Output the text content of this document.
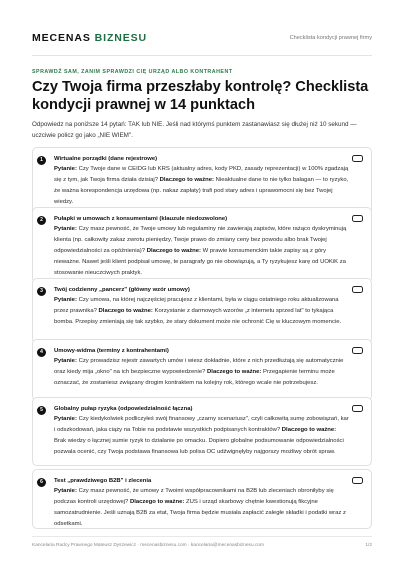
MECENAS BIZNESU	Checklista kondycji prawnej firmy
SPRAWDŹ SAM, ZANIM SPRAWDZI CIĘ URZĄD ALBO KONTRAHENT
Czy Twoja firma przeszłaby kontrolę? Checklista kondycji prawnej w 14 punktach

Odpowiedz na poniższe 14 pytań: TAK lub NIE. Jeśli nad którymś punktem zastanawiasz się dłużej niż 10 sekund — uczciwie policz go jako „NIE WIEM".

1	Wirtualne porządki (dane rejestrowe)
Pytanie: Czy Twoje dane w CEIDG lub KRS (aktualny adres, kody PKD, zasady reprezentacji) w 100% zgadzają się z tym, jak Twoja firma działa dzisiaj? Dlaczego to ważne: Nieaktualne dane to nie tylko bałagan — to ryzyko, że ważna korespondencja urzędowa (np. nakaz zapłaty) trafi pod stary adres i uprawomocni się bez Twojej wiedzy.
2	Pułapki w umowach z konsumentami (klauzule niedozwolone)
Pytanie: Czy masz pewność, że Twoje umowy lub regulaminy nie zawierają zapisów, które rażąco dyskryminują klienta (np. całkowity zakaz zwrotu pieniędzy, Twoje prawo do zmiany ceny bez powodu albo brak Twojej odpowiedzialności za opóźnienia)? Dlaczego to ważne: W prawie konsumenckim takie zapisy są z góry nieważne. Nawet jeśli klient podpisał umowę, te paragrafy go nie obowiązują, a Ty ryzykujesz karę od UOKiK za stosowanie nieuczciwych praktyk.
3	Twój codzienny „pancerz" (główny wzór umowy)
Pytanie: Czy umowa, na której najczęściej pracujesz z klientami, była w ciągu ostatniego roku aktualizowana przez prawnika? Dlaczego to ważne: Korzystanie z darmowych wzorów „z internetu sprzed lat" to tykająca bomba. Przepisy zmieniają się tak szybko, że stary dokument może nie ochronić Cię w kluczowym momencie.
4	Umowy-widma (terminy z kontrahentami)
Pytanie: Czy prowadzisz rejestr zawartych umów i wiesz dokładnie, które z nich przedłużają się automatycznie oraz kiedy mija „okno" na ich bezpieczne wypowiedzenie? Dlaczego to ważne: Przegapienie terminu może oznaczać, że zostaniesz związany drogim kontraktem na kolejny rok, którego wcale nie potrzebujesz.
5	Globalny pułap ryzyka (odpowiedzialność łączna)
Pytanie: Czy kiedykolwiek podliczyłeś swój finansowy „czarny scenariusz", czyli całkowitą sumę zobowiązań, kar i odszkodowań, jaka ciąży na Tobie na podstawie wszystkich podpisanych kontraktów? Dlaczego to ważne: Brak wiedzy o łącznej sumie ryzyk to działanie po omacku. Dopiero globalne podsumowanie odpowiedzialności pozwala ocenić, czy Twoja podstawa finansowa lub polisa OC udźwignęłyby najgorszy możliwy obrót spraw.
6	Test „prawdziwego B2B" i zlecenia
Pytanie: Czy masz pewność, że umowy z Twoimi współpracownikami na B2B lub zleceniach obroniłyby się podczas kontroli urzędowej? Dlaczego to ważne: ZUS i urząd skarbowy chętnie kwestionują fikcyjne samozatrudnienie. Jeśli uznają B2B za etat, Twoja firma będzie musiała zapłacić zaległe składki i podatki wraz z odsetkami.
Kancelaria Radcy Prawnego Mateusz Dyszewicz · mecenasbiznesu.com · kancelaria@mecenasbiznesu.com	1/2
